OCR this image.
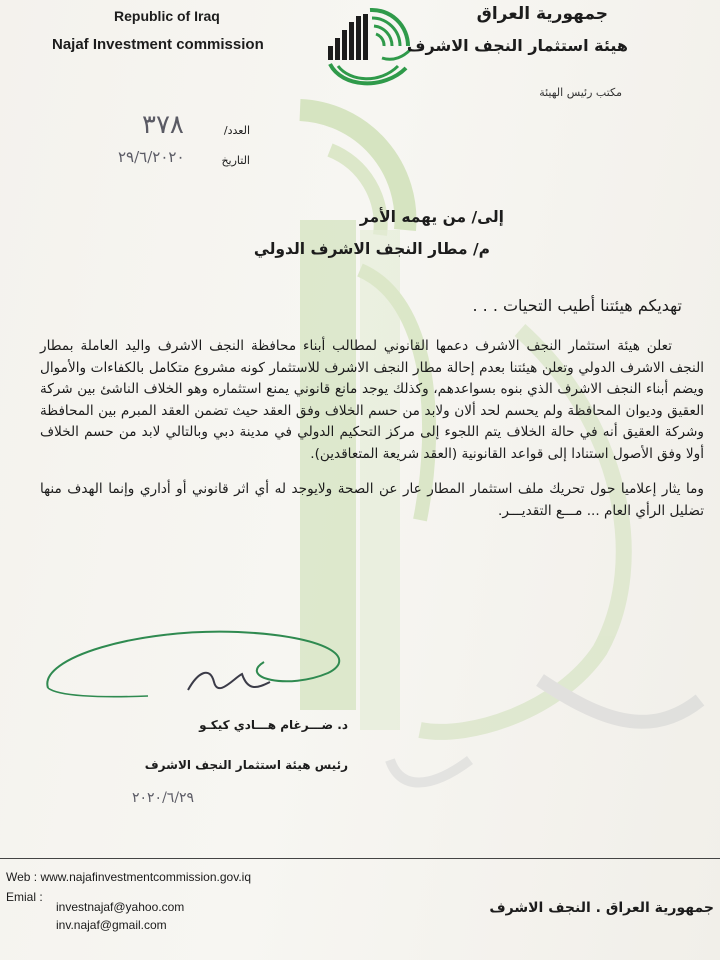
Republic of Iraq
Najaf Investment commission
جمهورية العراق
هيئة استثمار النجف الاشرف
مكتب رئيس الهيئة
العدد/
٣٧٨
التاريخ
٢٩/٦/٢٠٢٠
إلى/ من يهمه الأمر
م/ مطار النجف الاشرف الدولي
تهديكم هيئتنا أطيب التحيات . . .

تعلن هيئة استثمار النجف الاشرف دعمها القانوني لمطالب أبناء محافظة النجف الاشرف واليد العاملة بمطار النجف الاشرف الدولي وتعلن هيئتنا بعدم إحالة مطار النجف الاشرف للاستثمار كونه مشروع متكامل بالكفاءات والأموال ويضم أبناء النجف الاشرف الذي بنوه بسواعدهم، وكذلك يوجد مانع قانوني يمنع استثماره وهو الخلاف الناشئ بين شركة العقيق وديوان المحافظة ولم يحسم لحد ألان ولابد من حسم الخلاف وفق العقد حيث تضمن العقد المبرم بين المحافظة وشركة العقيق أنه في حالة الخلاف يتم اللجوء إلى مركز التحكيم الدولي في مدينة دبي وبالتالي لابد من حسم الخلاف أولا وفق الأصول استنادا إلى قواعد القانونية (العقد شريعة المتعاقدين).

وما يثار إعلاميا حول تحريك ملف استثمار المطار عار عن الصحة ولايوجد له أي اثر قانوني أو أداري وإنما الهدف منها تضليل الرأي العام ... مـــع التقديـــر.

د. ضـــرغام هـــادي كيكـو
رئيس هيئة استثمار النجف الاشرف
٢٠٢٠/٦/٢٩
Web : www.najafinvestmentcommission.gov.iq
Emial :
investnajaf@yahoo.com
inv.najaf@gmail.com
جمهورية العراق . النجف الاشرف
